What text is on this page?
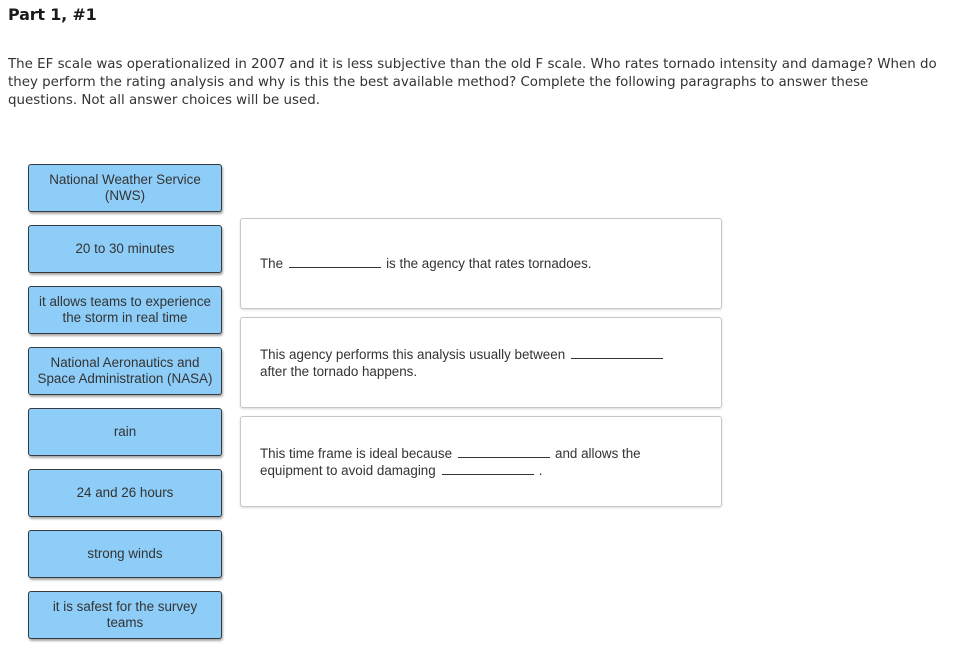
Part 1, #1
The EF scale was operationalized in 2007 and it is less subjective than the old F scale. Who rates tornado intensity and damage? When do they perform the rating analysis and why is this the best available method? Complete the following paragraphs to answer these questions. Not all answer choices will be used.
National Weather Service (NWS)
20 to 30 minutes
it allows teams to experience the storm in real time
National Aeronautics and Space Administration (NASA)
rain
24 and 26 hours
strong winds
it is safest for the survey teams
The	is the agency that rates tornadoes.
This agency performs this analysis usually between
after the tornado happens.
This time frame is ideal because	and allows the equipment to avoid damaging	.
